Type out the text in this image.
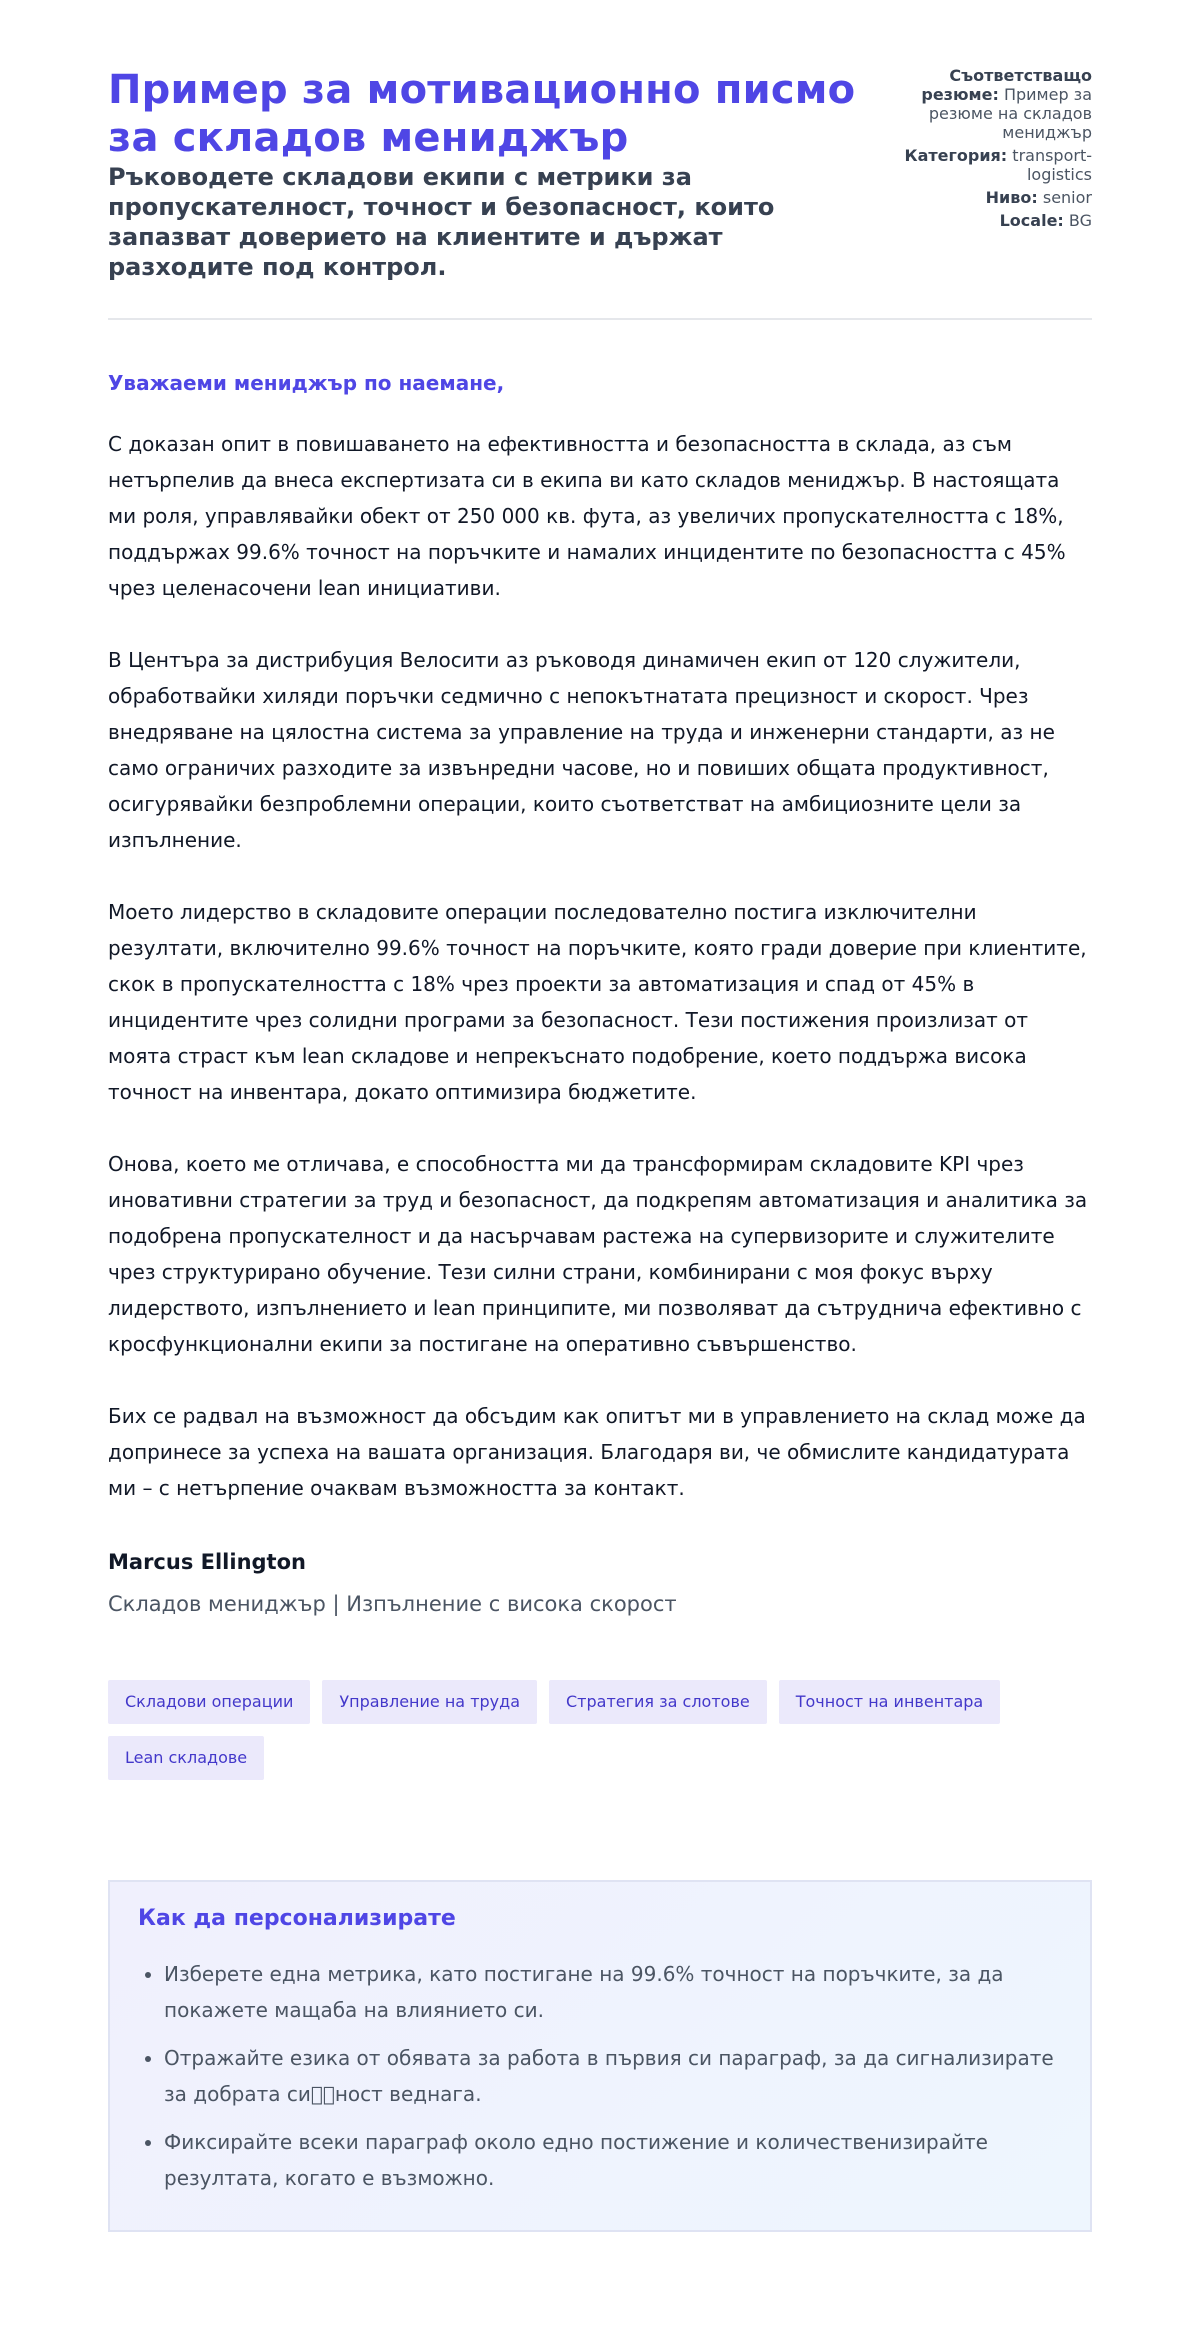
Пример за мотивационно писмо за складов мениджър

Ръководете складови екипи с метрики за пропускателност, точност и безопасност, които запазват доверието на клиентите и държат разходите под контрол.

Съответстващо резюме: Пример за резюме на складов мениджър
Категория: transport-logistics
Ниво: senior
Locale: BG
Уважаеми мениджър по наемане,

С доказан опит в повишаването на ефективността и безопасността в склада, аз съм нетърпелив да внеса експертизата си в екипа ви като складов мениджър. В настоящата ми роля, управлявайки обект от 250 000 кв. фута, аз увеличих пропускателността с 18%, поддържах 99.6% точност на поръчките и намалих инцидентите по безопасността с 45% чрез целенасочени lean инициативи.

В Центъра за дистрибуция Велосити аз ръководя динамичен екип от 120 служители, обработвайки хиляди поръчки седмично с непокътнатата прецизност и скорост. Чрез внедряване на цялостна система за управление на труда и инженерни стандарти, аз не само ограничих разходите за извънредни часове, но и повиших общата продуктивност, осигурявайки безпроблемни операции, които съответстват на амбициозните цели за изпълнение.

Моето лидерство в складовите операции последователно постига изключителни резултати, включително 99.6% точност на поръчките, която гради доверие при клиентите, скок в пропускателността с 18% чрез проекти за автоматизация и спад от 45% в инцидентите чрез солидни програми за безопасност. Тези постижения произлизат от моята страст към lean складове и непрекъснато подобрение, което поддържа висока точност на инвентара, докато оптимизира бюджетите.

Онова, което ме отличава, е способността ми да трансформирам складовите KPI чрез иновативни стратегии за труд и безопасност, да подкрепям автоматизация и аналитика за подобрена пропускателност и да насърчавам растежа на супервизорите и служителите чрез структурирано обучение. Тези силни страни, комбинирани с моя фокус върху лидерството, изпълнението и lean принципите, ми позволяват да сътруднича ефективно с кросфункционални екипи за постигане на оперативно съвършенство.

Бих се радвал на възможност да обсъдим как опитът ми в управлението на склад може да допринесе за успеха на вашата организация. Благодаря ви, че обмислите кандидатурата ми – с нетърпение очаквам възможността за контакт.

Marcus Ellington

Складов мениджър | Изпълнение с висока скорост

Складови операции	Управление на труда	Стратегия за слотове	Точност на инвентара
Lean складове
Как да персонализирате
• Изберете една метрика, като постигане на 99.6% точност на поръчките, за да покажете мащаба на влиянието си.
• Отражайте езика от обявата за работа в първия си параграф, за да сигнализирате за добрата си  ност веднага.
• Фиксирайте всеки параграф около едно постижение и количественизирайте резултата, когато е възможно.
